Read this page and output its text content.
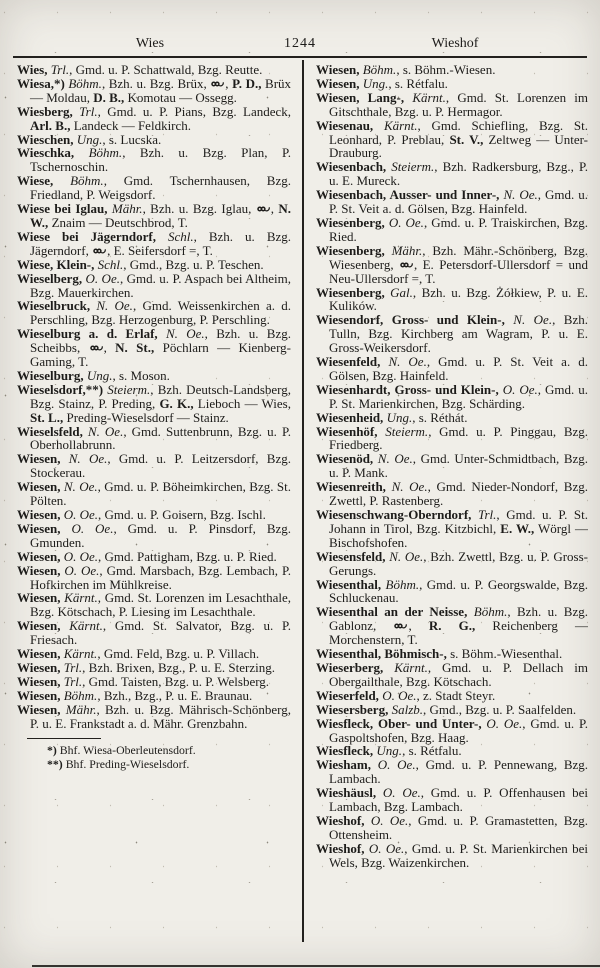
Wies	1244	Wieshof
Wies, Trl., Gmd. u. P. Schattwald, Bzg. Reutte.
Wiesa,*) Böhm., Bzh. u. Bzg. Brüx,
, P. D., Brüx — Moldau, D. B., Komotau — Ossegg.
Wiesberg, Trl., Gmd. u. P. Pians, Bzg. Landeck, Arl. B., Landeck — Feldkirch.
Wieschen, Ung., s. Lucska.
Wieschka, Böhm., Bzh. u. Bzg. Plan, P. Tschernoschin.
Wiese, Böhm., Gmd. Tschernhausen, Bzg. Friedland, P. Weigsdorf.
Wiese bei Iglau, Mähr., Bzh. u. Bzg. Iglau,
, N. W., Znaim — Deutschbrod, T.
Wiese bei Jägerndorf, Schl., Bzh. u. Bzg. Jägerndorf,
, E. Seifersdorf =, T.
Wiese, Klein-, Schl., Gmd., Bzg. u. P. Teschen.
Wieselberg, O. Oe., Gmd. u. P. Aspach bei Altheim, Bzg. Mauerkirchen.
Wieselbruck, N. Oe., Gmd. Weissenkirchen a. d. Perschling, Bzg. Herzogenburg, P. Perschling.
Wieselburg a. d. Erlaf, N. Oe., Bzh. u. Bzg. Scheibbs,
, N. St., Pöchlarn — Kienberg-Gaming, T.
Wieselburg, Ung., s. Moson.
Wieselsdorf,**) Steierm., Bzh. Deutsch-Landsberg, Bzg. Stainz, P. Preding, G. K., Lieboch — Wies, St. L., Preding-Wieselsdorf — Stainz.
Wieselsfeld, N. Oe., Gmd. Suttenbrunn, Bzg. u. P. Oberhollabrunn.
Wiesen, N. Oe., Gmd. u. P. Leitzersdorf, Bzg. Stockerau.
Wiesen, N. Oe., Gmd. u. P. Böheimkirchen, Bzg. St. Pölten.
Wiesen, O. Oe., Gmd. u. P. Goisern, Bzg. Ischl.
Wiesen, O. Oe., Gmd. u. P. Pinsdorf, Bzg. Gmunden.
Wiesen, O. Oe., Gmd. Pattigham, Bzg. u. P. Ried.
Wiesen, O. Oe., Gmd. Marsbach, Bzg. Lembach, P. Hofkirchen im Mühlkreise.
Wiesen, Kärnt., Gmd. St. Lorenzen im Lesachthale, Bzg. Kötschach, P. Liesing im Lesachthale.
Wiesen, Kärnt., Gmd. St. Salvator, Bzg. u. P. Friesach.
Wiesen, Kärnt., Gmd. Feld, Bzg. u. P. Villach.
Wiesen, Trl., Bzh. Brixen, Bzg., P. u. E. Sterzing.
Wiesen, Trl., Gmd. Taisten, Bzg. u. P. Welsberg.
Wiesen, Böhm., Bzh., Bzg., P. u. E. Braunau.
Wiesen, Mähr., Bzh. u. Bzg. Mährisch-Schönberg, P. u. E. Frankstadt a. d. Mähr. Grenzbahn.
*) Bhf. Wiesa-Oberleutensdorf.
**) Bhf. Preding-Wieselsdorf.
Wiesen, Böhm., s. Böhm.-Wiesen.
Wiesen, Ung., s. Rétfalu.
Wiesen, Lang-, Kärnt., Gmd. St. Lorenzen im Gitschthale, Bzg. u. P. Hermagor.
Wiesenau, Kärnt., Gmd. Schiefling, Bzg. St. Leonhard, P. Preblau, St. V., Zeltweg — Unter-Drauburg.
Wiesenbach, Steierm., Bzh. Radkersburg, Bzg., P. u. E. Mureck.
Wiesenbach, Ausser- und Inner-, N. Oe., Gmd. u. P. St. Veit a. d. Gölsen, Bzg. Hainfeld.
Wiesenberg, O. Oe., Gmd. u. P. Traiskirchen, Bzg. Ried.
Wiesenberg, Mähr., Bzh. Mähr.-Schönberg, Bzg. Wiesenberg,
, E. Petersdorf-Ullersdorf = und Neu-Ullersdorf =, T.
Wiesenberg, Gal., Bzh. u. Bzg. Żółkiew, P. u. E. Kulików.
Wiesendorf, Gross- und Klein-, N. Oe., Bzh. Tulln, Bzg. Kirchberg am Wagram, P. u. E. Gross-Weikersdorf.
Wiesenfeld, N. Oe., Gmd. u. P. St. Veit a. d. Gölsen, Bzg. Hainfeld.
Wiesenhardt, Gross- und Klein-, O. Oe., Gmd. u. P. St. Marienkirchen, Bzg. Schärding.
Wiesenheid, Ung., s. Réthát.
Wiesenhöf, Steierm., Gmd. u. P. Pinggau, Bzg. Friedberg.
Wiesenöd, N. Oe., Gmd. Unter-Schmidtbach, Bzg. u. P. Mank.
Wiesenreith, N. Oe., Gmd. Nieder-Nondorf, Bzg. Zwettl, P. Rastenberg.
Wiesenschwang-Oberndorf, Trl., Gmd. u. P. St. Johann in Tirol, Bzg. Kitzbichl, E. W., Wörgl — Bischofshofen.
Wiesensfeld, N. Oe., Bzh. Zwettl, Bzg. u. P. Gross-Gerungs.
Wiesenthal, Böhm., Gmd. u. P. Georgswalde, Bzg. Schluckenau.
Wiesenthal an der Neisse, Böhm., Bzh. u. Bzg. Gablonz,
, R. G., Reichenberg — Morchenstern, T.
Wiesenthal, Böhmisch-, s. Böhm.-Wiesenthal.
Wieserberg, Kärnt., Gmd. u. P. Dellach im Obergailthale, Bzg. Kötschach.
Wieserfeld, O. Oe., z. Stadt Steyr.
Wiesersberg, Salzb., Gmd., Bzg. u. P. Saalfelden.
Wiesfleck, Ober- und Unter-, O. Oe., Gmd. u. P. Gaspoltshofen, Bzg. Haag.
Wiesfleck, Ung., s. Rétfalu.
Wiesham, O. Oe., Gmd. u. P. Pennewang, Bzg. Lambach.
Wieshäusl, O. Oe., Gmd. u. P. Offenhausen bei Lambach, Bzg. Lambach.
Wieshof, O. Oe., Gmd. u. P. Gramastetten, Bzg. Ottensheim.
Wieshof, O. Oe., Gmd. u. P. St. Marienkirchen bei Wels, Bzg. Waizenkirchen.
